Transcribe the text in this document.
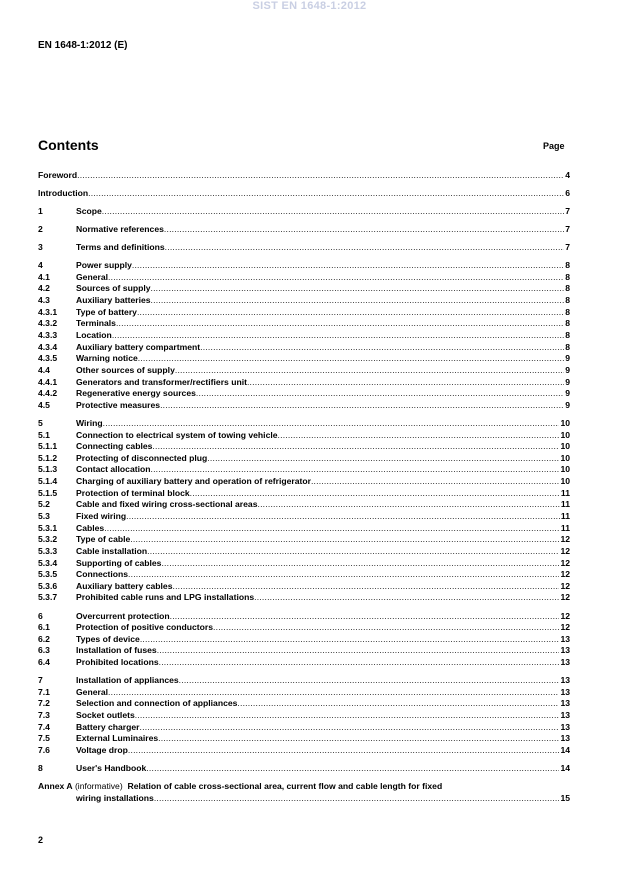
SIST EN 1648-1:2012
EN 1648-1:2012 (E)
Contents	Page
Foreword .....	4
Introduction .....	6
1	Scope .....	7
2	Normative references .....	7
3	Terms and definitions .....	7
4	Power supply .....	8
4.1	General .....	8
4.2	Sources of supply .....	8
4.3	Auxiliary batteries .....	8
4.3.1	Type of battery .....	8
4.3.2	Terminals .....	8
4.3.3	Location .....	8
4.3.4	Auxiliary battery compartment .....	8
4.3.5	Warning notice .....	9
4.4	Other sources of supply .....	9
4.4.1	Generators and transformer/rectifiers unit .....	9
4.4.2	Regenerative energy sources .....	9
4.5	Protective measures .....	9
5	Wiring .....	10
5.1	Connection to electrical system of towing vehicle .....	10
5.1.1	Connecting cables .....	10
5.1.2	Protecting of disconnected plug .....	10
5.1.3	Contact allocation .....	10
5.1.4	Charging of auxiliary battery and operation of refrigerator .....	10
5.1.5	Protection of terminal block .....	11
5.2	Cable and fixed wiring cross-sectional areas .....	11
5.3	Fixed wiring .....	11
5.3.1	Cables .....	11
5.3.2	Type of cable .....	12
5.3.3	Cable installation .....	12
5.3.4	Supporting of cables .....	12
5.3.5	Connections .....	12
5.3.6	Auxiliary battery cables .....	12
5.3.7	Prohibited cable runs and LPG installations .....	12
6	Overcurrent protection .....	12
6.1	Protection of positive conductors .....	12
6.2	Types of device .....	13
6.3	Installation of fuses .....	13
6.4	Prohibited locations .....	13
7	Installation of appliances .....	13
7.1	General .....	13
7.2	Selection and connection of appliances .....	13
7.3	Socket outlets .....	13
7.4	Battery charger .....	13
7.5	External Luminaires .....	13
7.6	Voltage drop .....	14
8	User's Handbook .....	14
Annex A
(informative)
Relation of cable cross-sectional area, current flow and cable length for fixed
wiring installations .....	15
2
